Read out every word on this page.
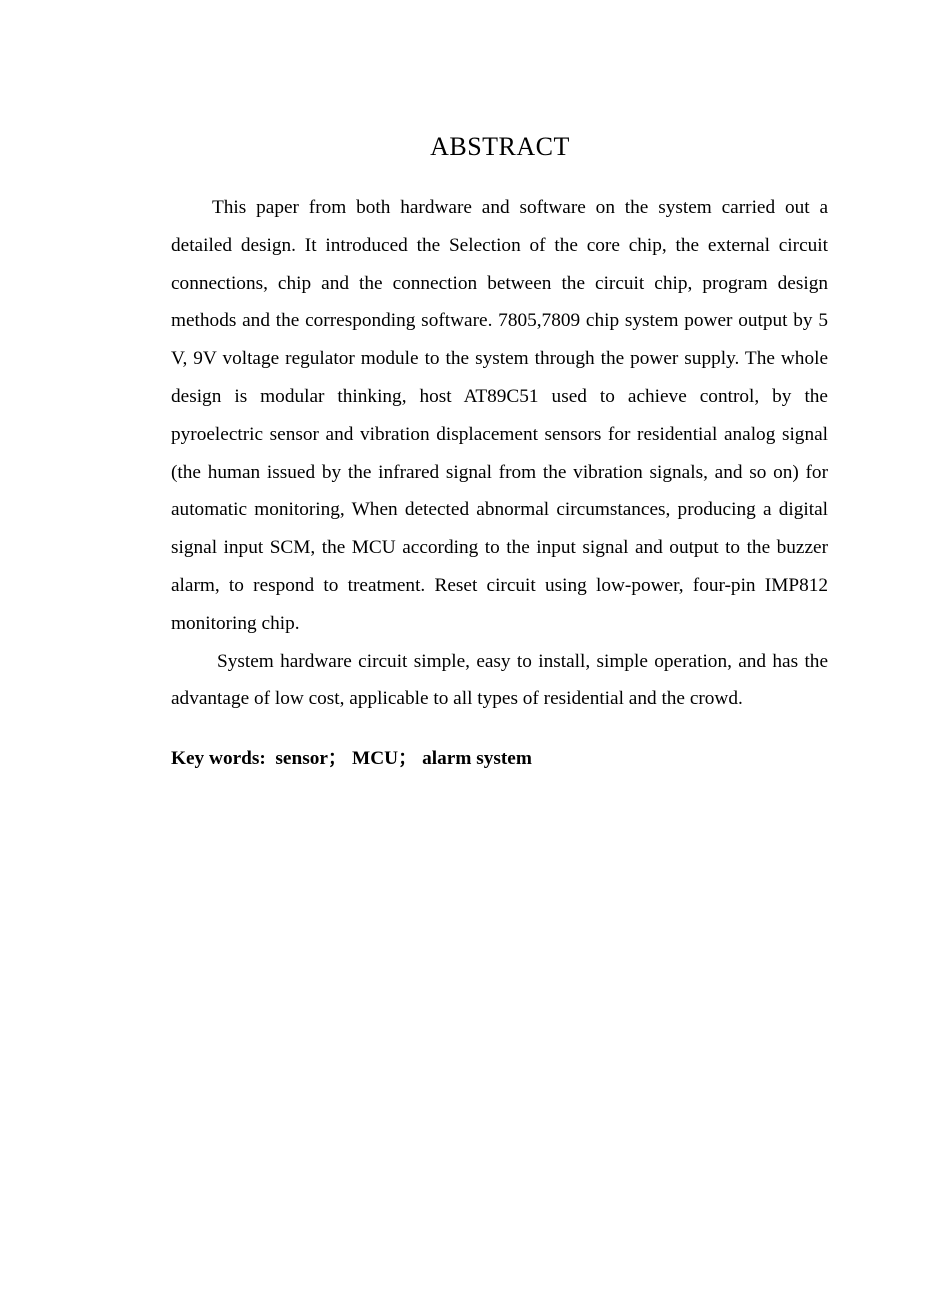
ABSTRACT

This paper from both hardware and software on the system carried out a detailed design. It introduced the Selection of the core chip, the external circuit connections, chip and the connection between the circuit chip, program design methods and the corresponding software. 7805,7809 chip system power output by 5 V, 9V voltage regulator module to the system through the power supply. The whole design is modular thinking, host AT89C51 used to achieve control, by the pyroelectric sensor and vibration displacement sensors for residential analog signal (the human issued by the infrared signal from the vibration signals, and so on) for automatic monitoring, When detected abnormal circumstances, producing a digital signal input SCM, the MCU according to the input signal and output to the buzzer alarm, to respond to treatment. Reset circuit using low-power, four-pin IMP812 monitoring chip.

System hardware circuit simple, easy to install, simple operation, and has the advantage of low cost, applicable to all types of residential and the crowd.

Key words:  sensor； MCU； alarm system
